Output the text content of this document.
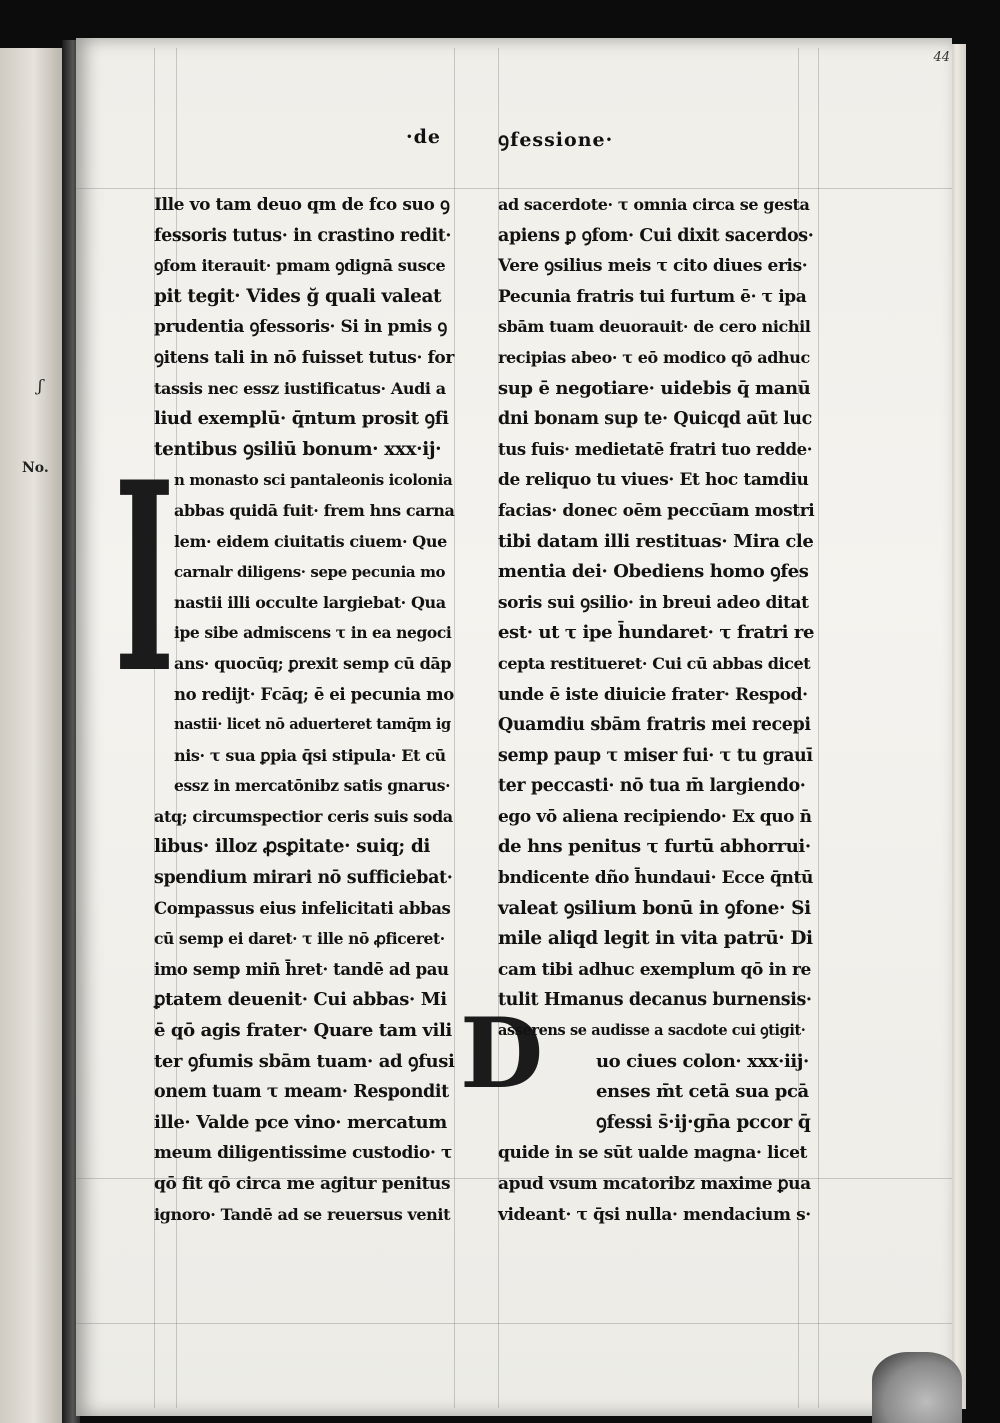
ʃ
No.
44
·de	ꝯfessione·
I
D
Ille vo tam deuo qm de fco suo ꝯ
fessoris tutus· in crastino redit·
ꝯfom iterauit· pmam ꝯdignā susce
pit tegit· Vides ğ quali valeat
prudentia ꝯfessoris· Si in pmis ꝯ
ꝯitens tali in nō fuisset tutus· for
tassis nec essz iustificatus· Audi a
liud exemplū· q̄ntum prosit ꝯfi
tentibus ꝯsiliū bonum· xxx·ij·
n monasto sci pantaleonis icolonia
abbas quidā fuit· frem hns carna
lem· eidem ciuitatis ciuem· Que
carnalr diligens· sepe pecunia mo
nastii illi occulte largiebat· Qua
ipe sibe admiscens τ in ea negoci
ans· quocūq; ꝑrexit semp cū dāp
no redijt· Fcāq; ē ei pecunia mo
nastii· licet nō aduerteret tamq̄m ig
nis· τ sua ꝑpia q̄si stipula· Et cū
essz in mercatōnibz satis gnarus·
atq; circumspectior ceris suis soda
libus· illoz ꝓsꝑitate· suiq; di
spendium mirari nō sufficiebat·
Compassus eius infelicitati abbas
cū semp ei daret· τ ille nō ꝓficeret·
imo semp min̄ h̄ret· tandē ad pau
ꝑtatem deuenit· Cui abbas· Mi
ē qō agis frater· Quare tam vili
ter ꝯfumis sbām tuam· ad ꝯfusi
onem tuam τ meam· Respondit
ille· Valde pce vino· mercatum
meum diligentissime custodio· τ
qō fit qō circa me agitur penitus
ignoro· Tandē ad se reuersus venit
ad sacerdote· τ omnia circa se gesta
apiens ꝑ ꝯfom· Cui dixit sacerdos·
Vere ꝯsilius meis τ cito diues eris·
Pecunia fratris tui furtum ē· τ ipa
sbām tuam deuorauit· de cero nichil
recipias abeo· τ eō modico qō adhuc
sup ē negotiare· uidebis q̄ manū
dni bonam sup te· Quicqd aūt luc
tus fuis· medietatē fratri tuo redde·
de reliquo tu viues· Et hoc tamdiu
facias· donec oēm peccūam mostri
tibi datam illi restituas· Mira cle
mentia dei· Obediens homo ꝯfes
soris sui ꝯsilio· in breui adeo ditat
est· ut τ ipe h̄undaret· τ fratri re
cepta restitueret· Cui cū abbas dicet
unde ē iste diuicie frater· Respod·
Quamdiu sbām fratris mei recepi
semp paup τ miser fui· τ tu grauī
ter peccasti· nō tua m̄ largiendo·
ego vō aliena recipiendo· Ex quo n̄
de hns penitus τ furtū abhorrui·
bndicente dño h̄undaui· Ecce q̄ntū
valeat ꝯsilium bonū in ꝯfone· Si
mile aliqd legit in vita patrū· Di
cam tibi adhuc exemplum qō in re
tulit Hmanus decanus burnensis·
asserens se audisse a sacdote cui ꝯtigit·
uo ciues colon· xxx·iij·
enses m̄t cetā sua pcā
ꝯfessi s̄·ij·gn̄a pccor q̄
quide in se sūt ualde magna· licet
apud vsum mcatoribz maxime ꝑua
videant· τ q̄si nulla· mendacium s·
